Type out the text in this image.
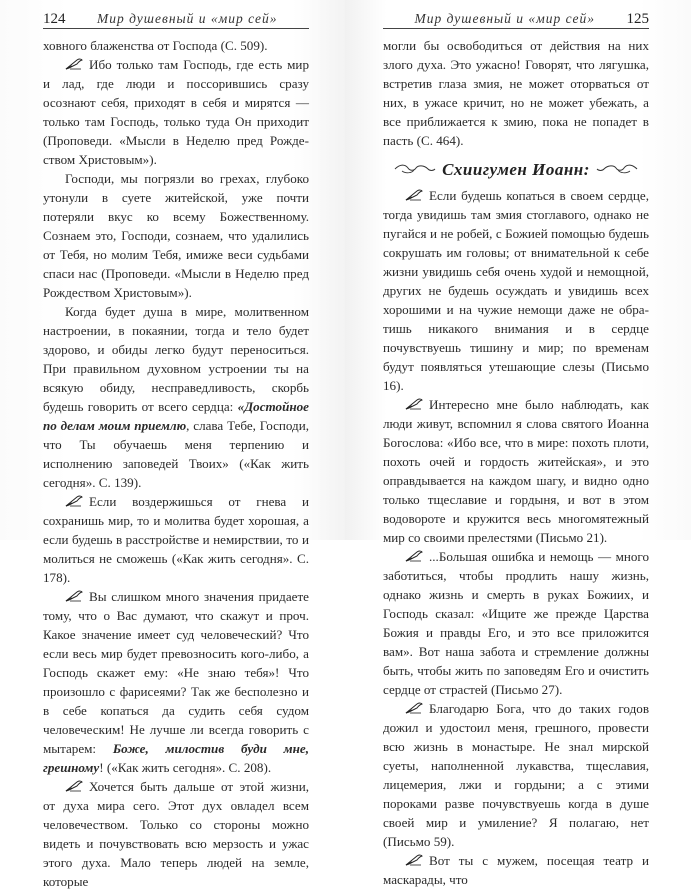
124	Мир душевный и «мир сей»

ховного блаженства от Господа (С. 509).

Ибо только там Господь, где есть мир и лад, где люди и поссорившись сразу осознают себя, приходят в себя и мирятся — только там Господь, только туда Он приходит (Проповеди. «Мысли в Неделю пред Рождеством Христовым»).

Господи, мы погрязли во грехах, глубоко утонули в суете житейской, уже почти потеряли вкус ко всему Божественному. Сознаем это, Господи, сознаем, что удалились от Тебя, но молим Тебя, имиже веси судьбами спаси нас (Проповеди. «Мысли в Неделю пред Рождеством Христовым»).

Когда будет душа в мире, молитвенном настроении, в покаянии, тогда и тело будет здорово, и обиды легко будут переноситься. При правильном духовном устроении ты на всякую обиду, несправедливость, скорбь будешь говорить от всего сердца: «Достойное по делам моим приемлю, слава Тебе, Господи, что Ты обучаешь меня терпению и исполнению заповедей Твоих» («Как жить сегодня». С. 139).

Если воздержишься от гнева и сохранишь мир, то и молитва будет хорошая, а если будешь в расстройстве и немирствии, то и молиться не сможешь («Как жить сегодня». С. 178).

Вы слишком много значения придаете тому, что о Вас думают, что скажут и проч. Какое значение имеет суд человеческий? Что если весь мир будет превозносить кого-либо, а Господь скажет ему: «Не знаю тебя»! Что произошло с фарисеями? Так же бесполезно и в себе копаться да судить себя судом человеческим! Не лучше ли всегда говорить с мытарем: Боже, милостив буди мне, грешному! («Как жить сегодня». С. 208).

Хочется быть дальше от этой жизни, от духа мира сего. Этот дух овладел всем человечеством. Только со стороны можно видеть и почувствовать всю мерзость и ужас этого духа. Мало теперь людей на земле, которые

Мир душевный и «мир сей»	125

могли бы освободиться от действия на них злого духа. Это ужасно! Говорят, что лягушка, встретив глаза змия, не может оторваться от них, в ужасе кричит, но не может убежать, а все приближается к змию, пока не попадет в пасть (С. 464).

Схиигумен Иоанн:

Если будешь копаться в своем сердце, тогда увидишь там змия стоглавого, однако не пугайся и не робей, с Божией помощью будешь сокрушать им головы; от внимательной к себе жизни увидишь себя очень худой и немощной, других не будешь осуждать и увидишь всех хорошими и на чужие немощи даже не обратишь никакого внимания и в сердце почувствуешь тишину и мир; по временам будут появляться утешающие слезы (Письмо 16).

Интересно мне было наблюдать, как люди живут, вспомнил я слова святого Иоанна Богослова: «Ибо все, что в мире: похоть плоти, похоть очей и гордость житейская», и это оправдывается на каждом шагу, и видно одно только тщеславие и гордыня, и вот в этом водовороте и кружится весь многомятежный мир со своими прелестями (Письмо 21).

...Большая ошибка и немощь — много заботиться, чтобы продлить нашу жизнь, однако жизнь и смерть в руках Божиих, и Господь сказал: «Ищите же прежде Царства Божия и правды Его, и это все приложится вам». Вот наша забота и стремление должны быть, чтобы жить по заповедям Его и очистить сердце от страстей (Письмо 27).

Благодарю Бога, что до таких годов дожил и удостоил меня, грешного, провести всю жизнь в монастыре. Не знал мирской суеты, наполненной лукавства, тщеславия, лицемерия, лжи и гордыни; а с этими пороками разве почувствуешь когда в душе своей мир и умиление? Я полагаю, нет (Письмо 59).

Вот ты с мужем, посещая театр и маскарады, что
